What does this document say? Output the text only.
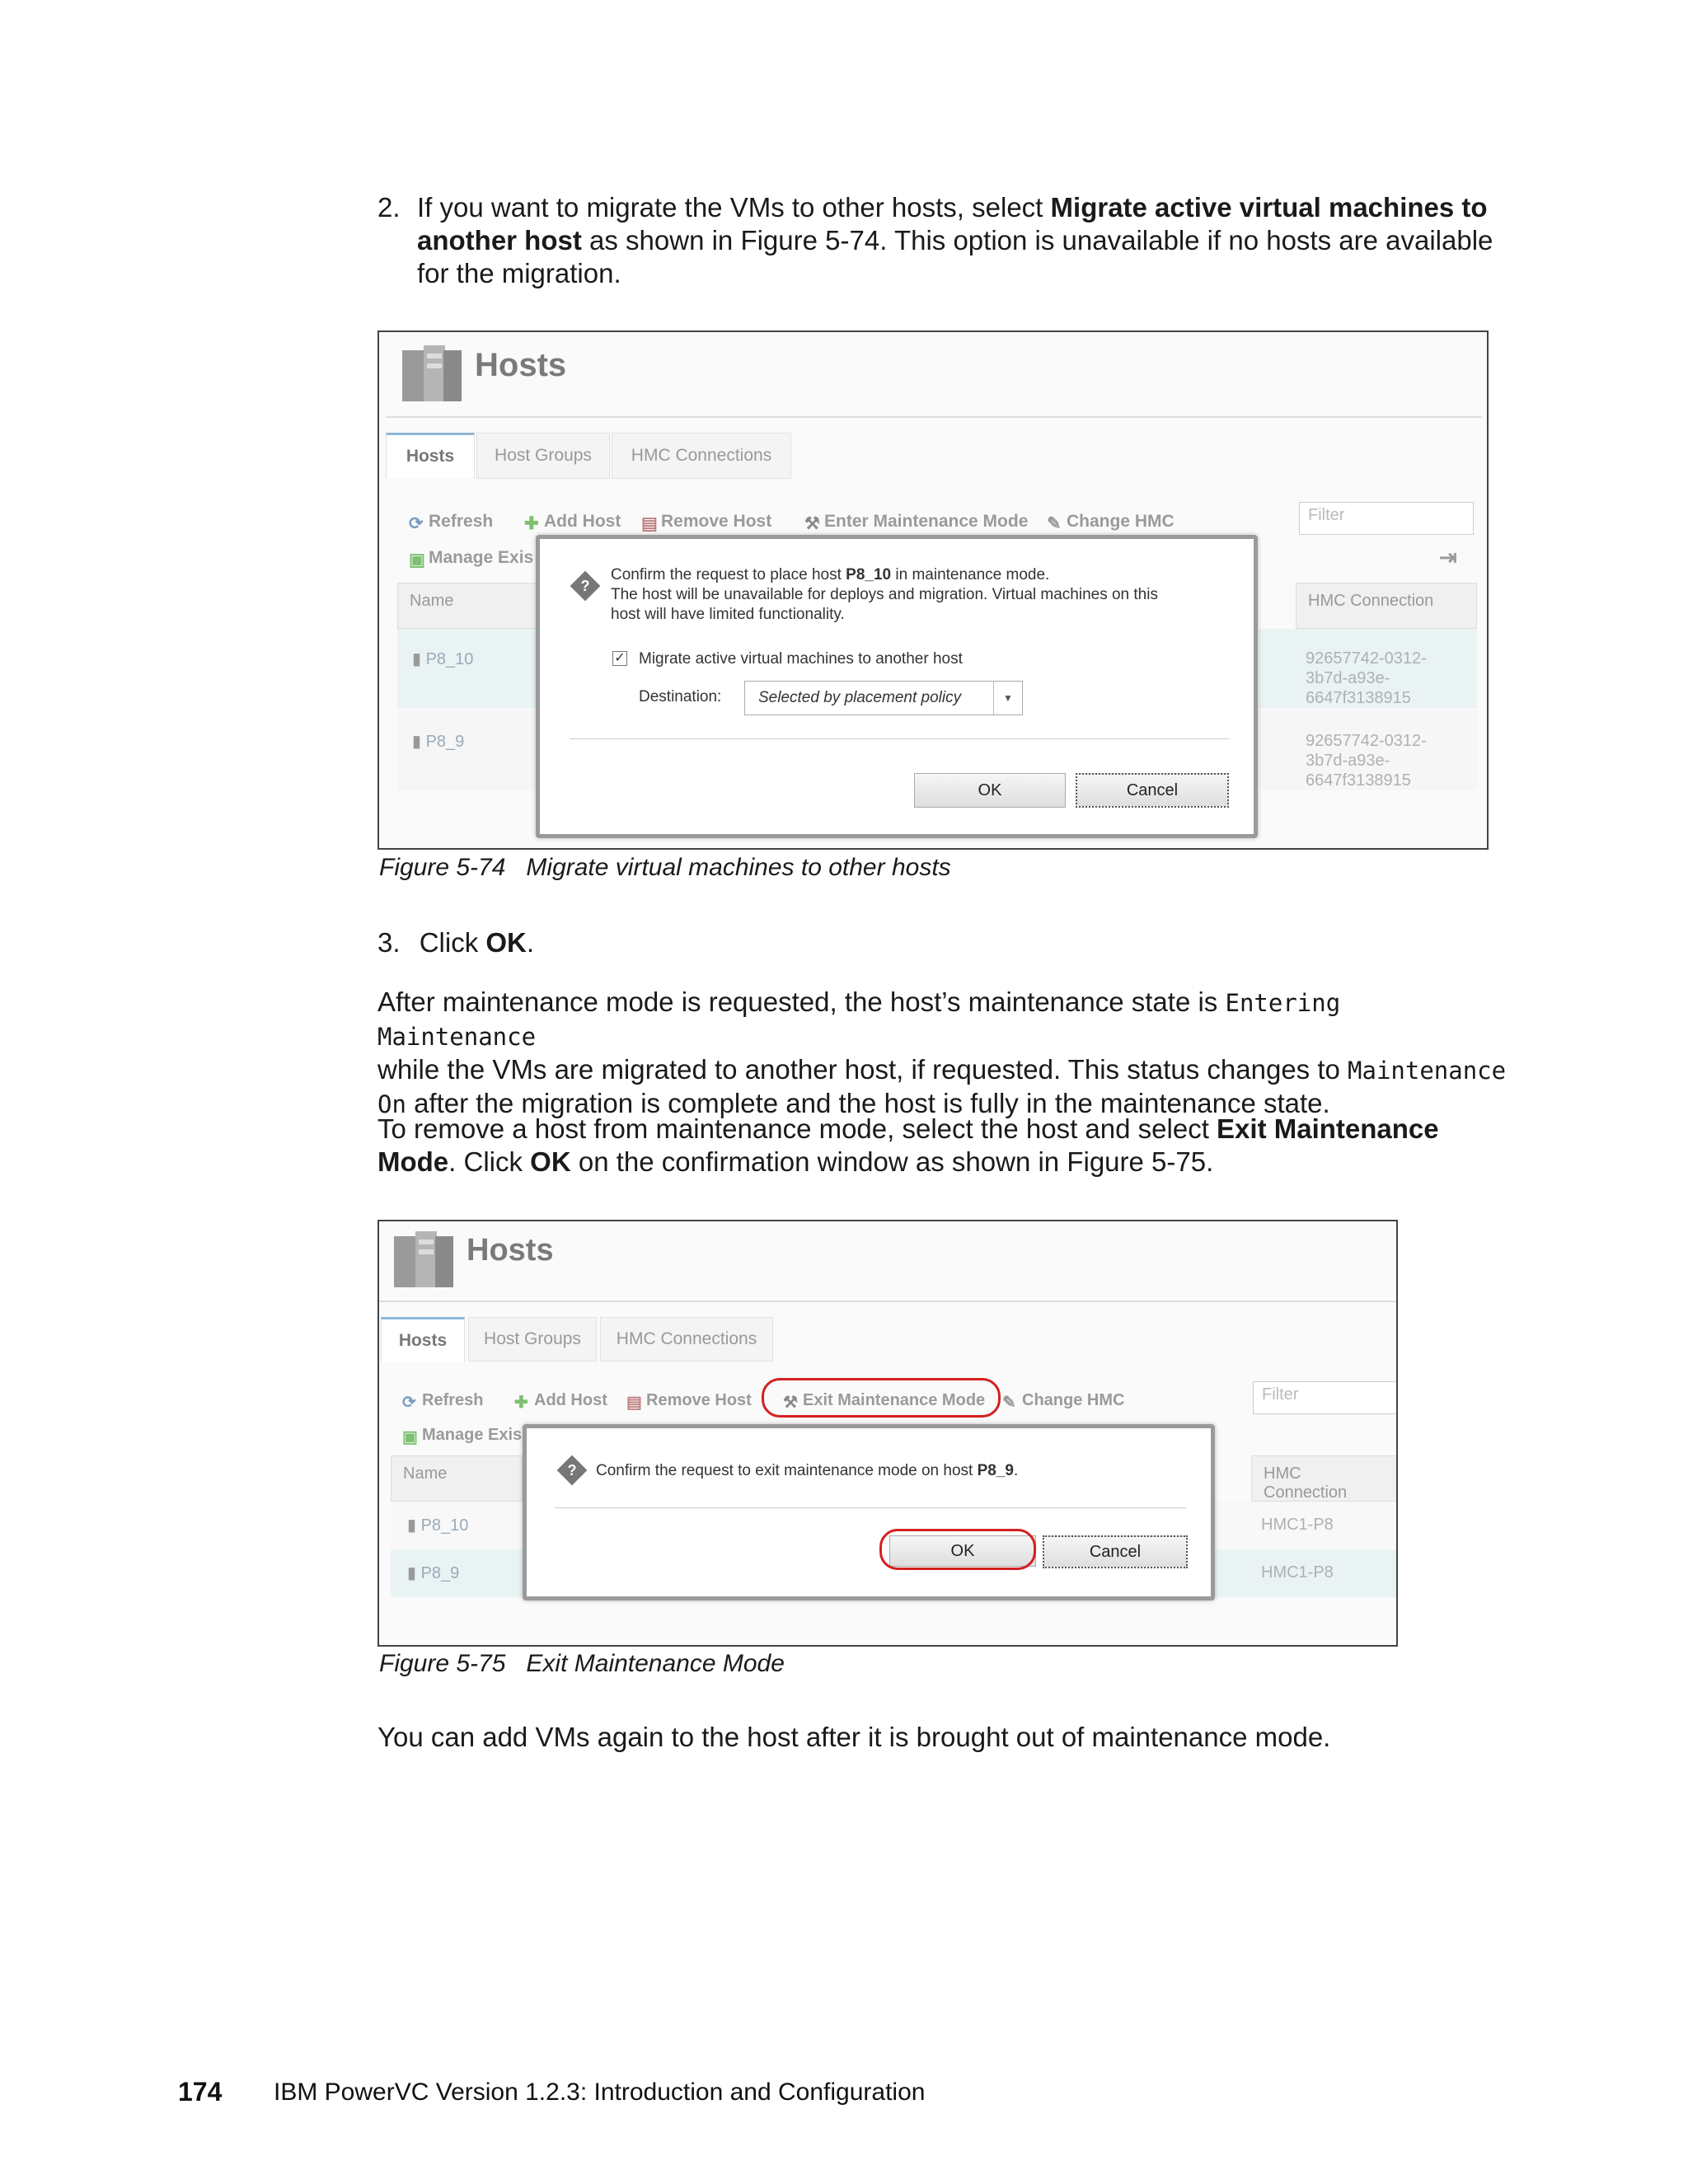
2. If you want to migrate the VMs to other hosts, select Migrate active virtual machines to another host as shown in Figure 5-74. This option is unavailable if no hosts are available for the migration.
Hosts
Hosts	Host Groups	HMC Connections
⟳ Refresh ✚ Add Host ▤ Remove Host ⚒ Enter Maintenance Mode ✎ Change HMC
▣ Manage Exis
Filter
⇥
Name	HMC Connection
▮ P8_10
▮ P8_9
92657742-0312-
3b7d-a93e-
6647f3138915
92657742-0312-
3b7d-a93e-
6647f3138915
?
Confirm the request to place host P8_10 in maintenance mode.
The host will be unavailable for deploys and migration. Virtual machines on this
host will have limited functionality.
✓ Migrate active virtual machines to another host
Destination: Selected by placement policy	▼
OK	Cancel
Figure 5-74   Migrate virtual machines to other hosts
3. Click OK.
After maintenance mode is requested, the host’s maintenance state is Entering Maintenance
while the VMs are migrated to another host, if requested. This status changes to Maintenance
On after the migration is complete and the host is fully in the maintenance state.
To remove a host from maintenance mode, select the host and select Exit Maintenance
Mode. Click OK on the confirmation window as shown in Figure 5-75.
Hosts
Hosts	Host Groups	HMC Connections
⟳ Refresh ✚ Add Host ▤ Remove Host ⚒ Exit Maintenance Mode ✎ Change HMC
▣ Manage Exis
Filter
Name	HMC Connection
▮ P8_10
▮ P8_9
HMC1-P8
HMC1-P8
?	Confirm the request to exit maintenance mode on host P8_9.
OK	Cancel
Figure 5-75   Exit Maintenance Mode
You can add VMs again to the host after it is brought out of maintenance mode.
174 IBM PowerVC Version 1.2.3: Introduction and Configuration
